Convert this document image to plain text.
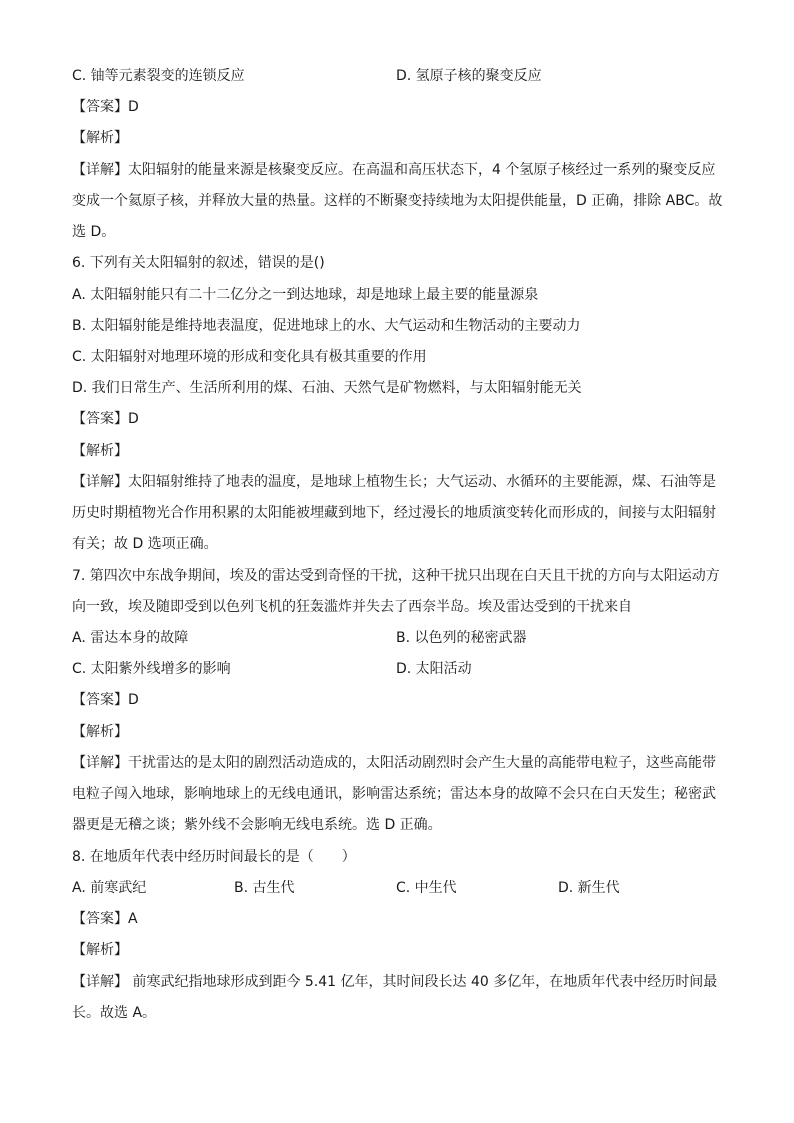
C. 铀等元素裂变的连锁反应	D. 氢原子核的聚变反应
【答案】D
【解析】
【详解】太阳辐射的能量来源是核聚变反应。在高温和高压状态下，4 个氢原子核经过一系列的聚变反应
变成一个氦原子核，并释放大量的热量。这样的不断聚变持续地为太阳提供能量，D 正确，排除 ABC。故
选 D。
6. 下列有关太阳辐射的叙述，错误的是()
A. 太阳辐射能只有二十二亿分之一到达地球，却是地球上最主要的能量源泉
B. 太阳辐射能是维持地表温度，促进地球上的水、大气运动和生物活动的主要动力
C. 太阳辐射对地理环境的形成和变化具有极其重要的作用
D. 我们日常生产、生活所利用的煤、石油、天然气是矿物燃料，与太阳辐射能无关
【答案】D
【解析】
【详解】太阳辐射维持了地表的温度，是地球上植物生长；大气运动、水循环的主要能源，煤、石油等是
历史时期植物光合作用积累的太阳能被埋藏到地下，经过漫长的地质演变转化而形成的，间接与太阳辐射
有关；故 D 选项正确。
7. 第四次中东战争期间，埃及的雷达受到奇怪的干扰，这种干扰只出现在白天且干扰的方向与太阳运动方
向一致，埃及随即受到以色列飞机的狂轰滥炸并失去了西奈半岛。埃及雷达受到的干扰来自
A. 雷达本身的故障	B. 以色列的秘密武器
C. 太阳紫外线增多的影响	D. 太阳活动
【答案】D
【解析】
【详解】干扰雷达的是太阳的剧烈活动造成的，太阳活动剧烈时会产生大量的高能带电粒子，这些高能带
电粒子闯入地球，影响地球上的无线电通讯，影响雷达系统；雷达本身的故障不会只在白天发生；秘密武
器更是无稽之谈；紫外线不会影响无线电系统。选 D 正确。
8. 在地质年代表中经历时间最长的是（　　）
A. 前寒武纪	B. 古生代	C. 中生代	D. 新生代
【答案】A
【解析】
【详解】 前寒武纪指地球形成到距今 5.41 亿年，其时间段长达 40 多亿年，在地质年代表中经历时间最
长。故选 A。
